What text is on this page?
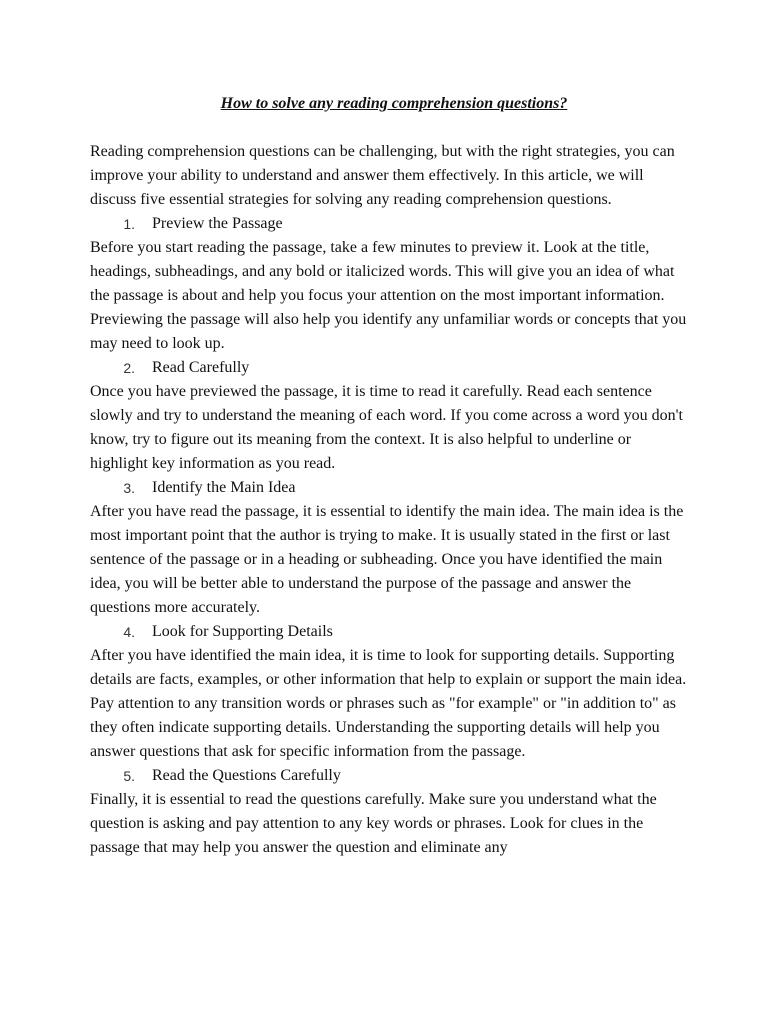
How to solve any reading comprehension questions?

Reading comprehension questions can be challenging, but with the right strategies, you can improve your ability to understand and answer them effectively. In this article, we will discuss five essential strategies for solving any reading comprehension questions.

1. Preview the Passage

Before you start reading the passage, take a few minutes to preview it. Look at the title, headings, subheadings, and any bold or italicized words. This will give you an idea of what the passage is about and help you focus your attention on the most important information. Previewing the passage will also help you identify any unfamiliar words or concepts that you may need to look up.

2. Read Carefully

Once you have previewed the passage, it is time to read it carefully. Read each sentence slowly and try to understand the meaning of each word. If you come across a word you don't know, try to figure out its meaning from the context. It is also helpful to underline or highlight key information as you read.

3. Identify the Main Idea

After you have read the passage, it is essential to identify the main idea. The main idea is the most important point that the author is trying to make. It is usually stated in the first or last sentence of the passage or in a heading or subheading. Once you have identified the main idea, you will be better able to understand the purpose of the passage and answer the questions more accurately.

4. Look for Supporting Details

After you have identified the main idea, it is time to look for supporting details. Supporting details are facts, examples, or other information that help to explain or support the main idea. Pay attention to any transition words or phrases such as "for example" or "in addition to" as they often indicate supporting details. Understanding the supporting details will help you answer questions that ask for specific information from the passage.

5. Read the Questions Carefully

Finally, it is essential to read the questions carefully. Make sure you understand what the question is asking and pay attention to any key words or phrases. Look for clues in the passage that may help you answer the question and eliminate any
